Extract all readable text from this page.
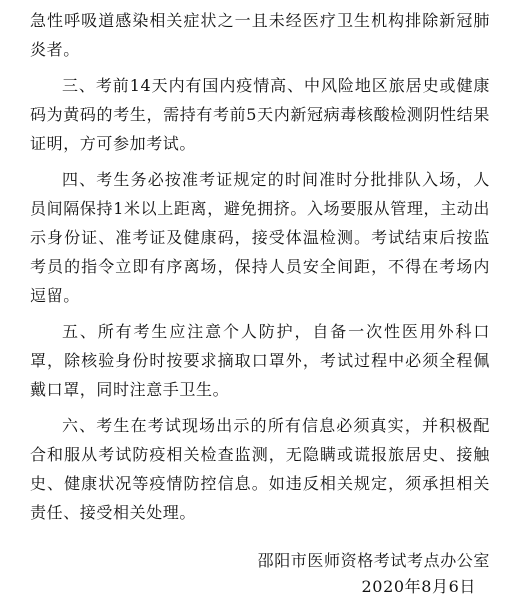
急性呼吸道感染相关症状之一且未经医疗卫生机构排除新冠肺炎者。

三、考前14天内有国内疫情高、中风险地区旅居史或健康码为黄码的考生，需持有考前5天内新冠病毒核酸检测阴性结果证明，方可参加考试。

四、考生务必按准考证规定的时间准时分批排队入场，人员间隔保持1米以上距离，避免拥挤。入场要服从管理，主动出示身份证、准考证及健康码，接受体温检测。考试结束后按监考员的指令立即有序离场，保持人员安全间距，不得在考场内逗留。

五、所有考生应注意个人防护，自备一次性医用外科口罩，除核验身份时按要求摘取口罩外，考试过程中必须全程佩戴口罩，同时注意手卫生。

六、考生在考试现场出示的所有信息必须真实，并积极配合和服从考试防疫相关检查监测，无隐瞒或谎报旅居史、接触史、健康状况等疫情防控信息。如违反相关规定，须承担相关责任、接受相关处理。

邵阳市医师资格考试考点办公室
2020年8月6日
